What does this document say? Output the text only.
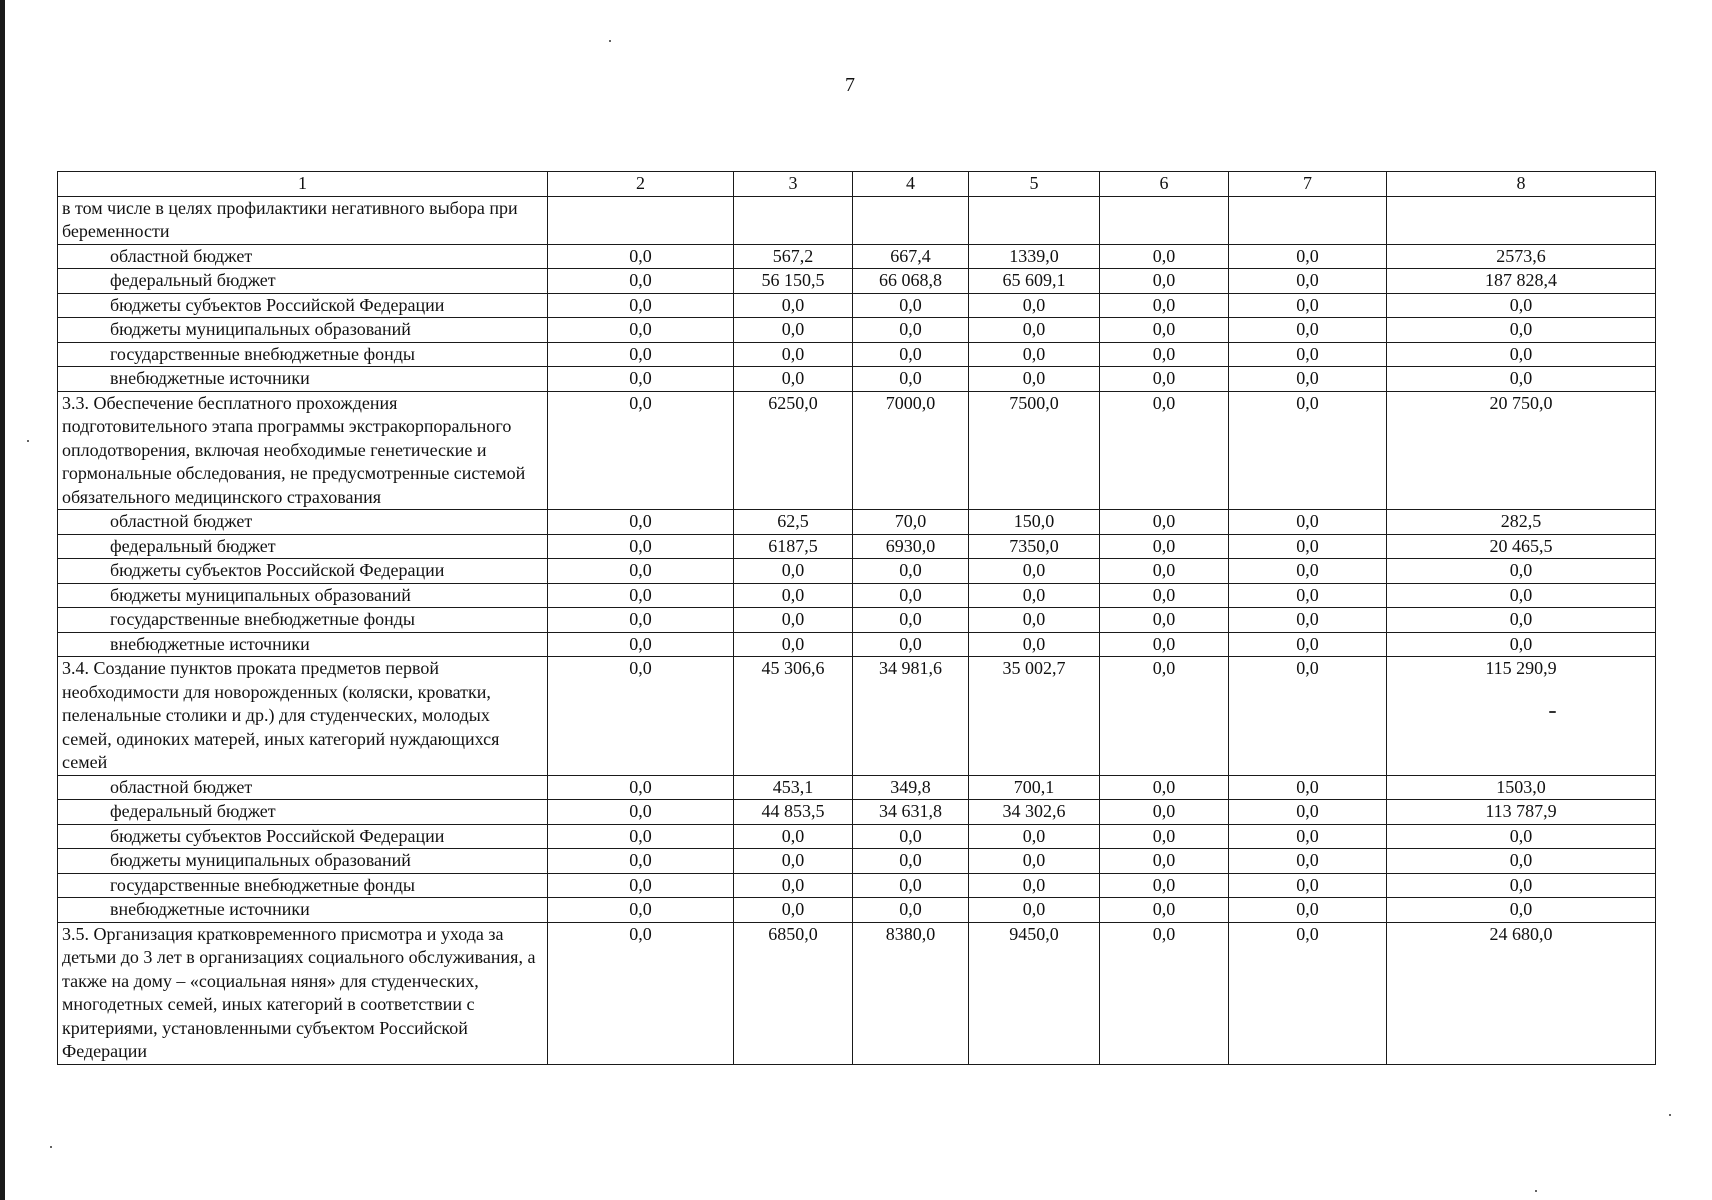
7
1	2	3	4	5	6	7	8
в том числе в целях профилактики негативного выбора при беременности							
областной бюджет	0,0	567,2	667,4	1339,0	0,0	0,0	2573,6
федеральный бюджет	0,0	56 150,5	66 068,8	65 609,1	0,0	0,0	187 828,4
бюджеты субъектов Российской Федерации	0,0	0,0	0,0	0,0	0,0	0,0	0,0
бюджеты муниципальных образований	0,0	0,0	0,0	0,0	0,0	0,0	0,0
государственные внебюджетные фонды	0,0	0,0	0,0	0,0	0,0	0,0	0,0
внебюджетные источники	0,0	0,0	0,0	0,0	0,0	0,0	0,0
3.3. Обеспечение бесплатного прохождения подготовительного этапа программы экстракорпорального оплодотворения, включая необходимые генетические и гормональные обследования, не предусмотренные системой обязательного медицинского страхования	0,0	6250,0	7000,0	7500,0	0,0	0,0	20 750,0
областной бюджет	0,0	62,5	70,0	150,0	0,0	0,0	282,5
федеральный бюджет	0,0	6187,5	6930,0	7350,0	0,0	0,0	20 465,5
бюджеты субъектов Российской Федерации	0,0	0,0	0,0	0,0	0,0	0,0	0,0
бюджеты муниципальных образований	0,0	0,0	0,0	0,0	0,0	0,0	0,0
государственные внебюджетные фонды	0,0	0,0	0,0	0,0	0,0	0,0	0,0
внебюджетные источники	0,0	0,0	0,0	0,0	0,0	0,0	0,0
3.4. Создание пунктов проката предметов первой необходимости для новорожденных (коляски, кроватки, пеленальные столики и др.) для студенческих, молодых семей, одиноких матерей, иных категорий нуждающихся семей	0,0	45 306,6	34 981,6	35 002,7	0,0	0,0	115 290,9
областной бюджет	0,0	453,1	349,8	700,1	0,0	0,0	1503,0
федеральный бюджет	0,0	44 853,5	34 631,8	34 302,6	0,0	0,0	113 787,9
бюджеты субъектов Российской Федерации	0,0	0,0	0,0	0,0	0,0	0,0	0,0
бюджеты муниципальных образований	0,0	0,0	0,0	0,0	0,0	0,0	0,0
государственные внебюджетные фонды	0,0	0,0	0,0	0,0	0,0	0,0	0,0
внебюджетные источники	0,0	0,0	0,0	0,0	0,0	0,0	0,0
3.5. Организация кратковременного присмотра и ухода за детьми до 3 лет в организациях социального обслуживания, а также на дому – «социальная няня» для студенческих, многодетных семей, иных категорий в соответствии с критериями, установленными субъектом Российской Федерации	0,0	6850,0	8380,0	9450,0	0,0	0,0	24 680,0
